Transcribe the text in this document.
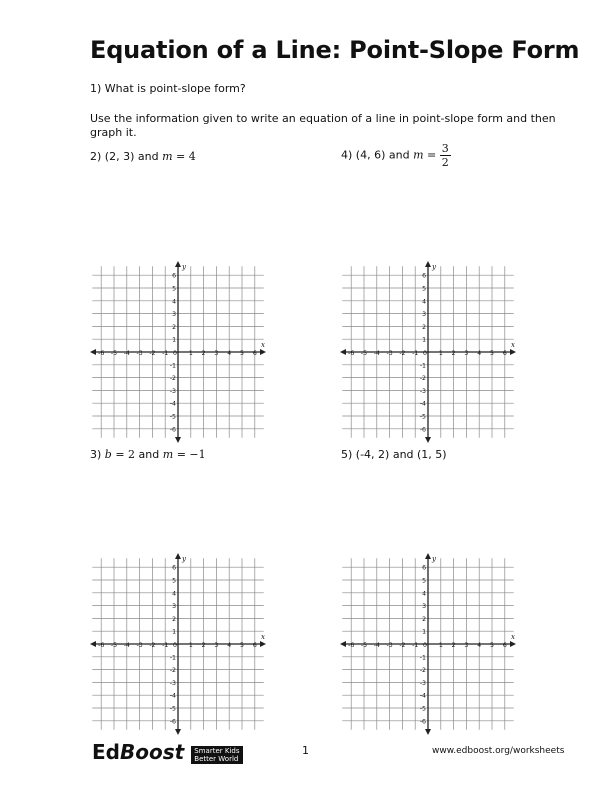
Equation of a Line: Point-Slope Form
1) What is point-slope form?
Use the information given to write an equation of a line in point-slope form and then
graph it.
2) (2, 3) and m = 4	4) (4, 6) and $m = \frac{3}{2}$
3) b = 2 and m = −1	5) (-4, 2) and (1, 5)
-6 -5 -4 -3 -2 -1 0 1 2 3 4 5 6
6
5
4
3
2
1
-1
-2
-3
-4
-5
-6
x
y
-6 -5 -4 -3 -2 -1 0 1 2 3 4 5 6
6
5
4
3
2
1
-1
-2
-3
-4
-5
-6
x
y
-6 -5 -4 -3 -2 -1 0 1 2 3 4 5 6
6
5
4
3
2
1
-1
-2
-3
-4
-5
-6
x
y
-6 -5 -4 -3 -2 -1 0 1 2 3 4 5 6
6
5
4
3
2
1
-1
-2
-3
-4
-5
-6
x
y
EdBoost Smarter Kids
Better World
1	www.edboost.org/worksheets
